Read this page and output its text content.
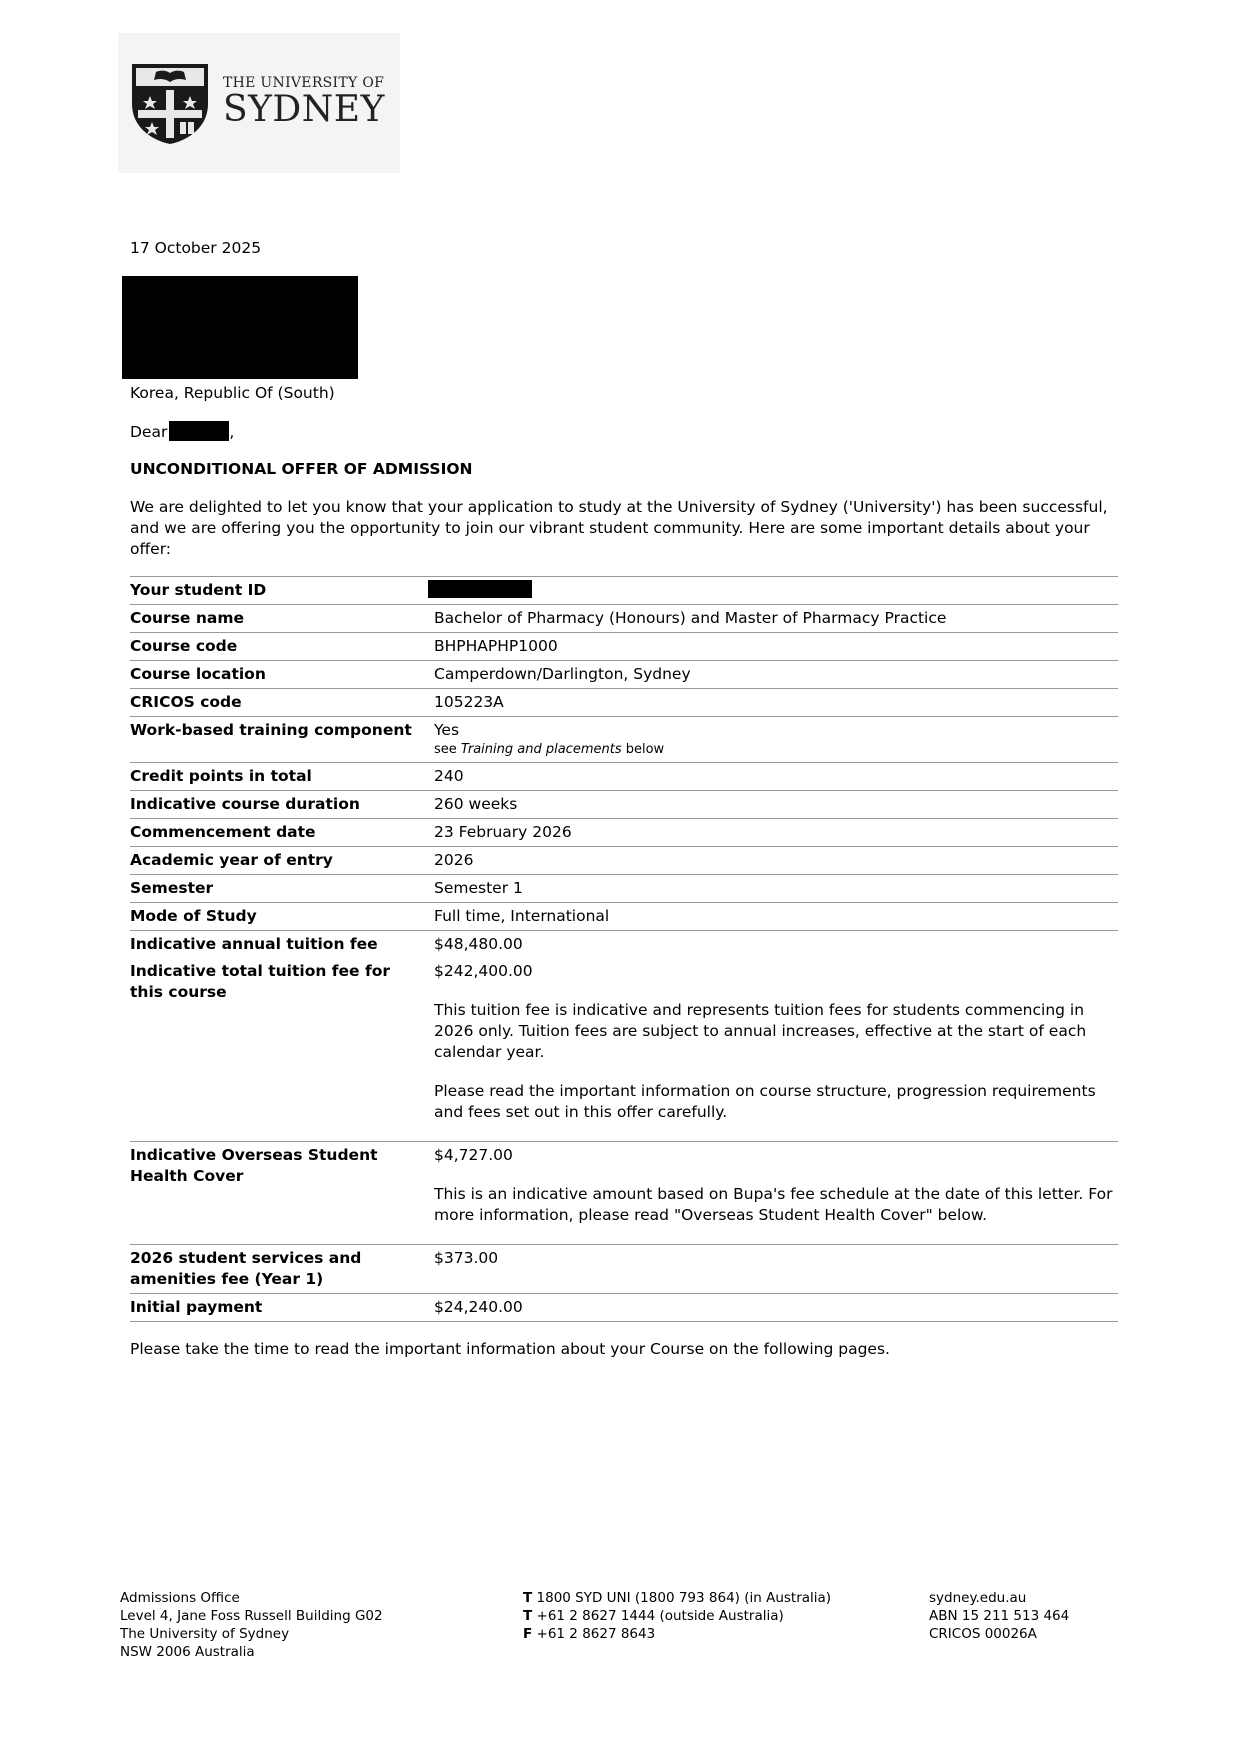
THE UNIVERSITY OF
SYDNEY
17 October 2025
Korea, Republic Of (South)
Dear	,
UNCONDITIONAL OFFER OF ADMISSION
We are delighted to let you know that your application to study at the University of Sydney ('University') has been successful, and we are offering you the opportunity to join our vibrant student community. Here are some important details about your offer:
Your student ID	
Course name	Bachelor of Pharmacy (Honours) and Master of Pharmacy Practice
Course code	BHPHAPHP1000
Course location	Camperdown/Darlington, Sydney
CRICOS code	105223A
Work-based training component	Yes
see Training and placements below

Credit points in total	240
Indicative course duration	260 weeks
Commencement date	23 February 2026
Academic year of entry	2026
Semester	Semester 1
Mode of Study	Full time, International
Indicative annual tuition fee	$48,480.00
Indicative total tuition fee for this course	$242,400.00
This tuition fee is indicative and represents tuition fees for students commencing in 2026 only. Tuition fees are subject to annual increases, effective at the start of each calendar year.
Please read the important information on course structure, progression requirements and fees set out in this offer carefully.

Indicative Overseas Student Health Cover	$4,727.00
This is an indicative amount based on Bupa's fee schedule at the date of this letter. For more information, please read "Overseas Student Health Cover" below.

2026 student services and amenities fee (Year 1)	$373.00
Initial payment	$24,240.00
Please take the time to read the important information about your Course on the following pages.
Admissions Office
Level 4, Jane Foss Russell Building G02
The University of Sydney
NSW 2006 Australia
T 1800 SYD UNI (1800 793 864) (in Australia)
T +61 2 8627 1444 (outside Australia)
F +61 2 8627 8643
sydney.edu.au
ABN 15 211 513 464
CRICOS 00026A
